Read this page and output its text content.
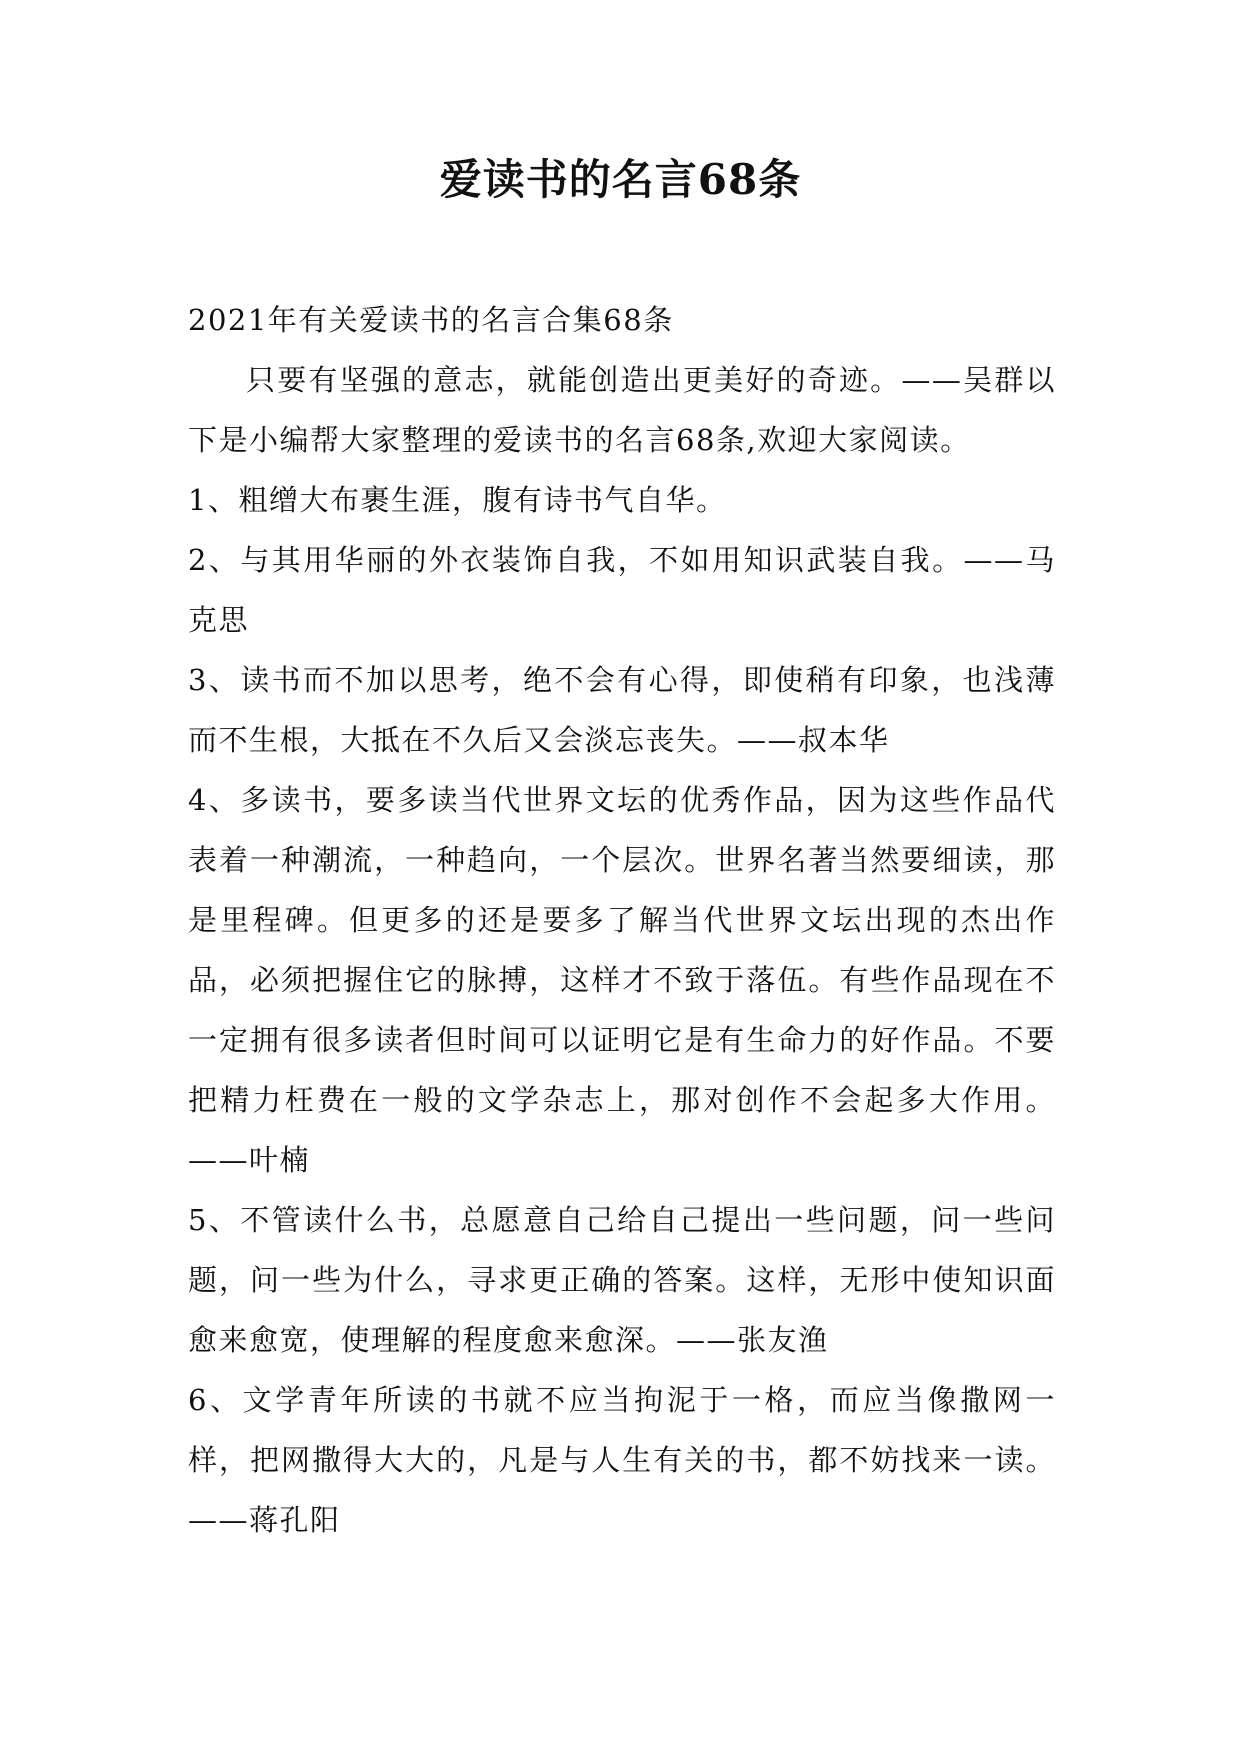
爱读书的名言68条

2021年有关爱读书的名言合集68条

只要有坚强的意志，就能创造出更美好的奇迹。——吴群以下是小编帮大家整理的爱读书的名言68条,欢迎大家阅读。

1、粗缯大布裹生涯，腹有诗书气自华。

2、与其用华丽的外衣装饰自我，不如用知识武装自我。——马克思

3、读书而不加以思考，绝不会有心得，即使稍有印象，也浅薄而不生根，大抵在不久后又会淡忘丧失。——叔本华

4、多读书，要多读当代世界文坛的优秀作品，因为这些作品代表着一种潮流，一种趋向，一个层次。世界名著当然要细读，那是里程碑。但更多的还是要多了解当代世界文坛出现的杰出作品，必须把握住它的脉搏，这样才不致于落伍。有些作品现在不一定拥有很多读者但时间可以证明它是有生命力的好作品。不要把精力枉费在一般的文学杂志上，那对创作不会起多大作用。——叶楠

5、不管读什么书，总愿意自己给自己提出一些问题，问一些问题，问一些为什么，寻求更正确的答案。这样，无形中使知识面愈来愈宽，使理解的程度愈来愈深。——张友渔

6、文学青年所读的书就不应当拘泥于一格，而应当像撒网一样，把网撒得大大的，凡是与人生有关的书，都不妨找来一读。——蒋孔阳
